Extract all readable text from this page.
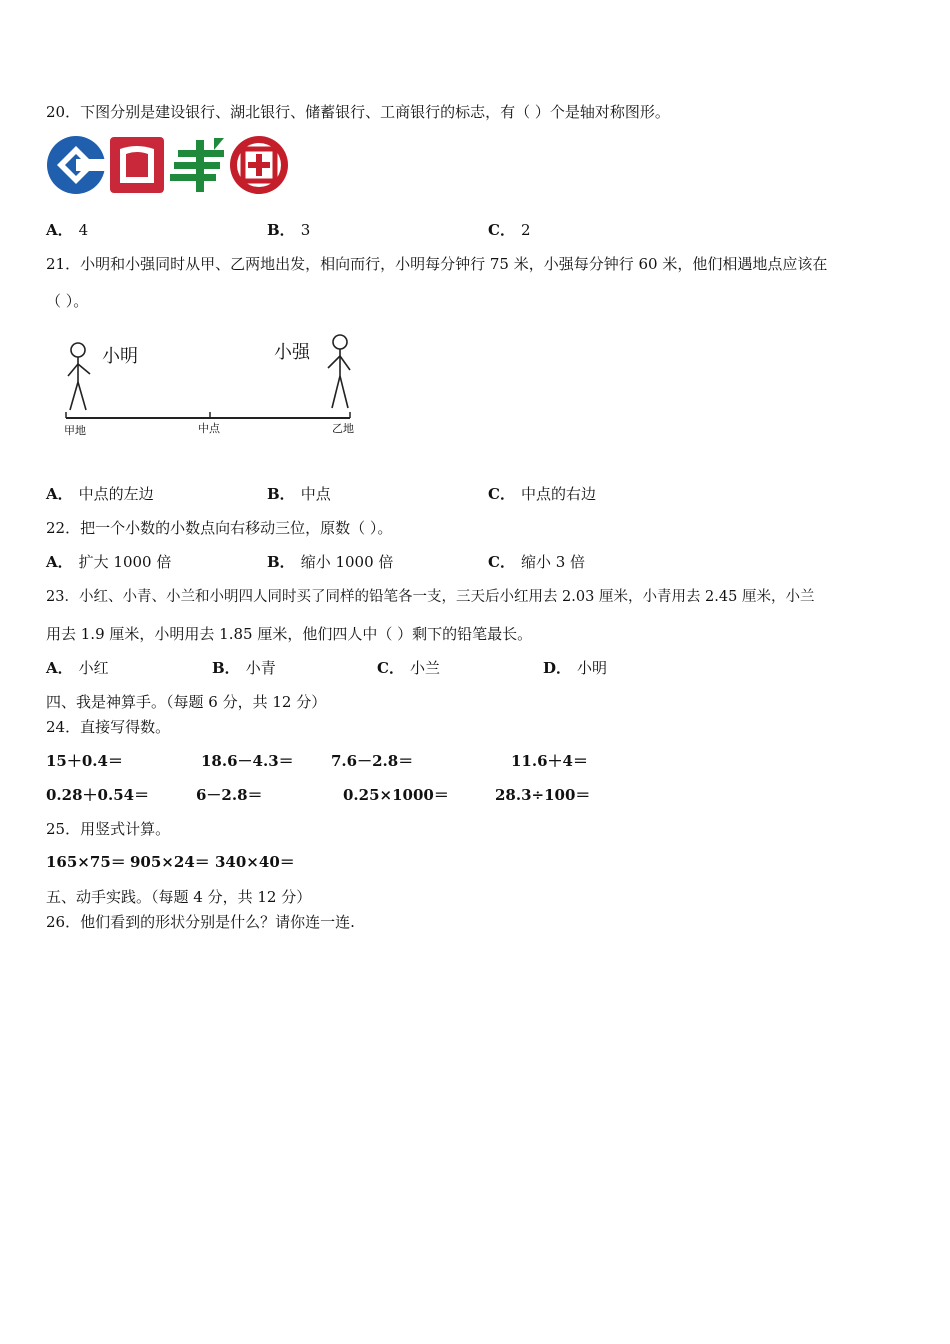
20．下图分别是建设银行、湖北银行、储蓄银行、工商银行的标志，有（ ）个是轴对称图形。
A． 4	B． 3	C． 2
21．小明和小强同时从甲、乙两地出发，相向而行，小明每分钟行 75 米，小强每分钟行 60 米，他们相遇地点应该在
（ ）。
小明	小强
甲地	中点	乙地
A． 中点的左边	B． 中点	C． 中点的右边
22．把一个小数的小数点向右移动三位，原数（ ）。
A． 扩大 1000 倍	B． 缩小 1000 倍	C． 缩小 3 倍
23．小红、小青、小兰和小明四人同时买了同样的铅笔各一支，三天后小红用去 2.03 厘米，小青用去 2.45 厘米，小兰
用去 1.9 厘米，小明用去 1.85 厘米，他们四人中（ ）剩下的铅笔最长。
A． 小红	B． 小青	C． 小兰	D． 小明
四、我是神算手。（每题 6 分，共 12 分）
24．直接写得数。
15＋0.4＝	18.6－4.3＝ 7.6－2.8＝	11.6＋4＝
0.28＋0.54＝	6－2.8＝	0.25×1000＝	28.3÷100＝
25．用竖式计算。
165×75＝ 905×24＝ 340×40＝
五、动手实践。（每题 4 分，共 12 分）
26．他们看到的形状分别是什么？请你连一连.
